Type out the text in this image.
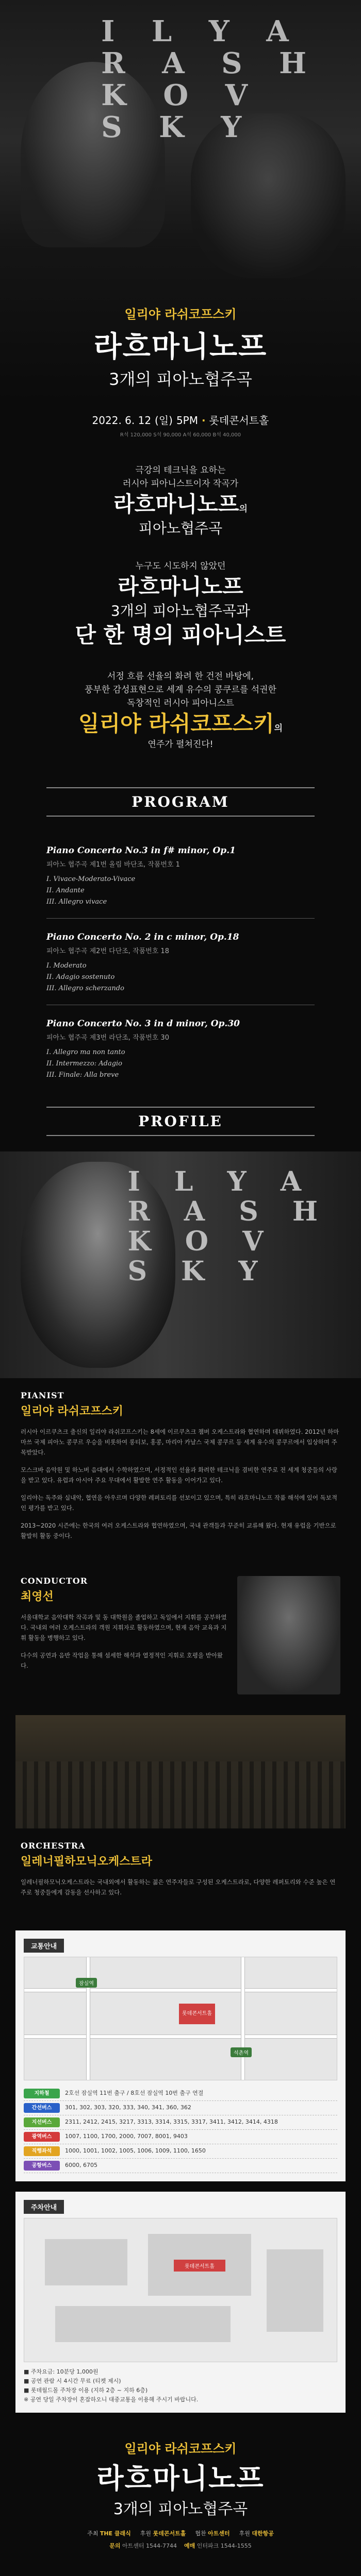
I L Y A
R A S H
K O V
S K Y
일리야 라쉬코프스키
라흐마니노프
3개의 피아노협주곡
2022. 6. 12 (일) 5PM · 롯데콘서트홀
R석 120,000 S석 90,000 A석 60,000 B석 40,000
극강의 테크닉을 요하는
러시아 피아니스트이자 작곡가
라흐마니노프의
피아노협주곡
누구도 시도하지 않았던
라흐마니노프
3개의 피아노협주곡과
단 한 명의 피아니스트
서정 흐름 선율의 화려 한 건전 바탕에,
풍부한 감성표현으로 세계 유수의 콩쿠르를 석권한
독창적인 러시아 피아니스트
일리야 라쉬코프스키의
연주가 펼쳐진다!
PROGRAM
Piano Concerto No.3 in f# minor, Op.1
피아노 협주곡 제1번 올림 바단조, 작품번호 1
I. Vivace-Moderato-Vivace
II. Andante
III. Allegro vivace
Piano Concerto No. 2 in c minor, Op.18
피아노 협주곡 제2번 다단조, 작품번호 18
I. Moderato
II. Adagio sostenuto
III. Allegro scherzando
Piano Concerto No. 3 in d minor, Op.30
피아노 협주곡 제3번 라단조, 작품번호 30
I. Allegro ma non tanto
II. Intermezzo: Adagio
III. Finale: Alla breve
PROFILE
I L Y A
R A S H
K O V
S K Y
PIANIST
일리야 라쉬코프스키
러시아 이르쿠츠크 출신의 일리야 라쉬코프스키는 8세에 이르쿠츠크 챔버 오케스트라와 협연하며 데뷔하였다. 2012년 하마마쓰 국제 피아노 콩쿠르 우승을 비롯하여 롱티보, 홍콩, 마리아 카날스 국제 콩쿠르 등 세계 유수의 콩쿠르에서 입상하며 주목받았다.
모스크바 음악원 및 하노버 음대에서 수학하였으며, 서정적인 선율과 화려한 테크닉을 겸비한 연주로 전 세계 청중들의 사랑을 받고 있다. 유럽과 아시아 주요 무대에서 활발한 연주 활동을 이어가고 있다.
일리야는 독주와 실내악, 협연을 아우르며 다양한 레퍼토리를 선보이고 있으며, 특히 라흐마니노프 작품 해석에 있어 독보적인 평가를 받고 있다.
2013~2020 시즌에는 한국의 여러 오케스트라와 협연하였으며, 국내 관객들과 꾸준히 교류해 왔다. 현재 유럽을 기반으로 활발히 활동 중이다.
CONDUCTOR
최영선
서울대학교 음악대학 작곡과 및 동 대학원을 졸업하고 독일에서 지휘를 공부하였다. 국내외 여러 오케스트라의 객원 지휘자로 활동하였으며, 현재 음악 교육과 지휘 활동을 병행하고 있다.
다수의 공연과 음반 작업을 통해 섬세한 해석과 열정적인 지휘로 호평을 받아왔다.
ORCHESTRA
일레너필하모닉오케스트라
일레너필하모닉오케스트라는 국내외에서 활동하는 젊은 연주자들로 구성된 오케스트라로, 다양한 레퍼토리와 수준 높은 연주로 청중들에게 감동을 선사하고 있다.
교통안내
롯데콘서트홀
잠실역
석촌역
지하철	2호선 잠실역 11번 출구 / 8호선 잠실역 10번 출구 연결
간선버스	301, 302, 303, 320, 333, 340, 341, 360, 362
지선버스	2311, 2412, 2415, 3217, 3313, 3314, 3315, 3317, 3411, 3412, 3414, 4318
광역버스	1007, 1100, 1700, 2000, 7007, 8001, 9403
직행좌석	1000, 1001, 1002, 1005, 1006, 1009, 1100, 1650
공항버스	6000, 6705
주차안내
롯데콘서트홀
■ 주차요금: 10분당 1,000원
■ 공연 관람 시 4시간 무료 (티켓 제시)
■ 롯데월드몰 주차장 이용 (지하 2층 ~ 지하 6층)
※ 공연 당일 주차장이 혼잡하오니 대중교통을 이용해 주시기 바랍니다.
일리야 라쉬코프스키
라흐마니노프
3개의 피아노협주곡
주최 THE 클래식 후원 롯데콘서트홀 협찬 아트센터 후원 대한항공
문의 아트센터 1544-7744 예매 인터파크 1544-1555
